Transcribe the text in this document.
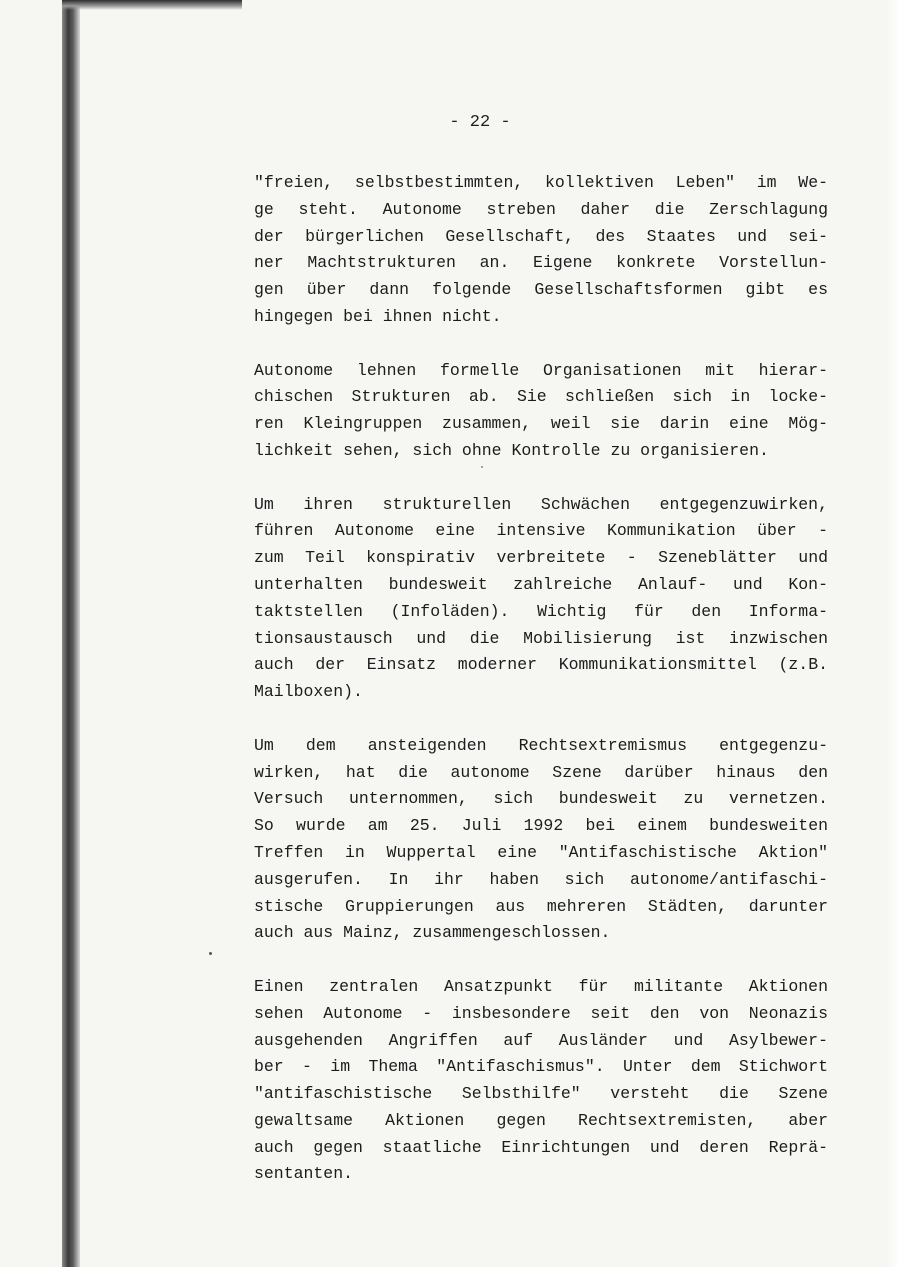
- 22 -
"freien, selbstbestimmten, kollektiven Leben" im We-
ge steht. Autonome streben daher die Zerschlagung
der bürgerlichen Gesellschaft, des Staates und sei-
ner Machtstrukturen an. Eigene konkrete Vorstellun-
gen über dann folgende Gesellschaftsformen gibt es
hingegen bei ihnen nicht.
Autonome lehnen formelle Organisationen mit hierar-
chischen Strukturen ab. Sie schließen sich in locke-
ren Kleingruppen zusammen, weil sie darin eine Mög-
lichkeit sehen, sich ohne Kontrolle zu organisieren.
Um ihren strukturellen Schwächen entgegenzuwirken,
führen Autonome eine intensive Kommunikation über -
zum Teil konspirativ verbreitete - Szeneblätter und
unterhalten bundesweit zahlreiche Anlauf- und Kon-
taktstellen (Infoläden). Wichtig für den Informa-
tionsaustausch und die Mobilisierung ist inzwischen
auch der Einsatz moderner Kommunikationsmittel (z.B.
Mailboxen).
Um dem ansteigenden Rechtsextremismus entgegenzu-
wirken, hat die autonome Szene darüber hinaus den
Versuch unternommen, sich bundesweit zu vernetzen.
So wurde am 25. Juli 1992 bei einem bundesweiten
Treffen in Wuppertal eine "Antifaschistische Aktion"
ausgerufen. In ihr haben sich autonome/antifaschi-
stische Gruppierungen aus mehreren Städten, darunter
auch aus Mainz, zusammengeschlossen.
Einen zentralen Ansatzpunkt für militante Aktionen
sehen Autonome - insbesondere seit den von Neonazis
ausgehenden Angriffen auf Ausländer und Asylbewer-
ber - im Thema "Antifaschismus". Unter dem Stichwort
"antifaschistische Selbsthilfe" versteht die Szene
gewaltsame Aktionen gegen Rechtsextremisten, aber
auch gegen staatliche Einrichtungen und deren Reprä-
sentanten.
